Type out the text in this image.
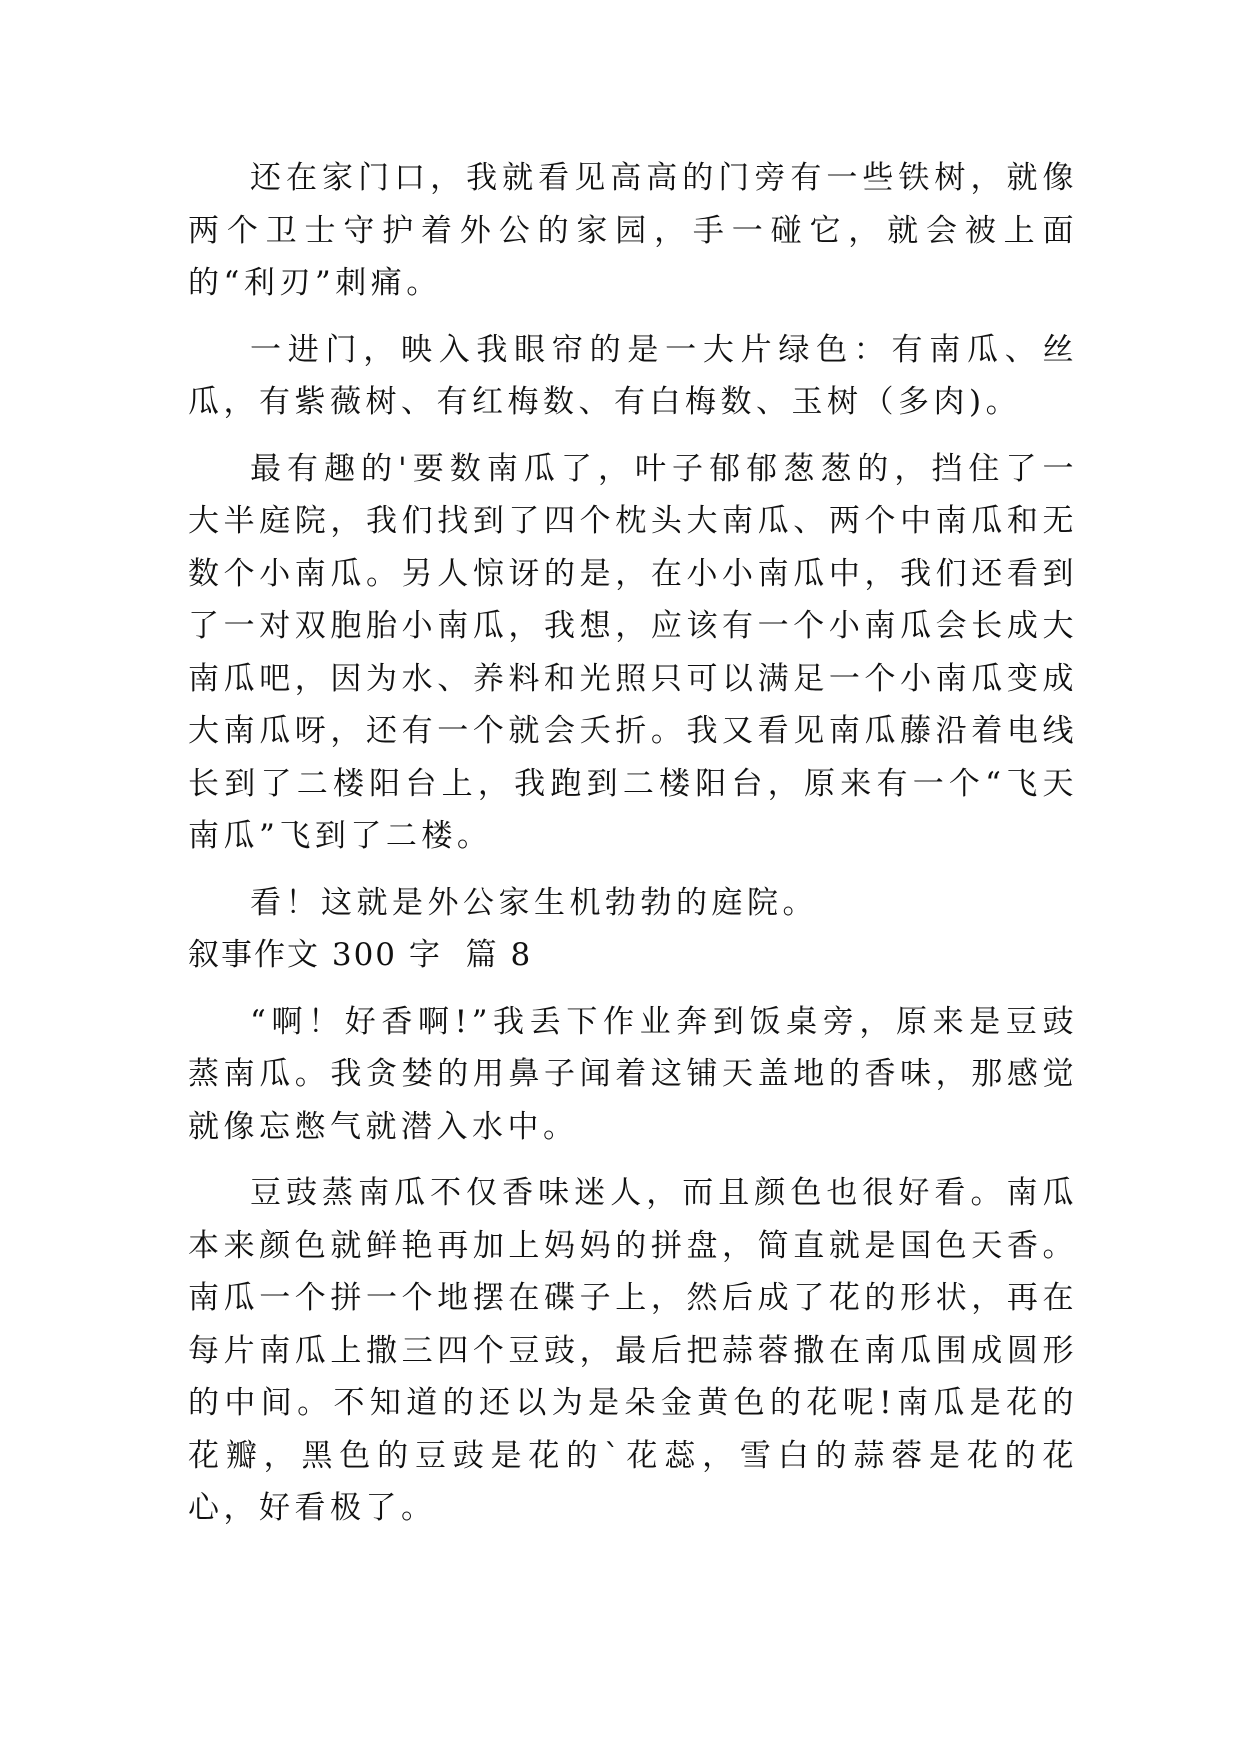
还在家门口，我就看见高高的门旁有一些铁树，就像两个卫士守护着外公的家园，手一碰它，就会被上面的“利刃”刺痛。

一进门，映入我眼帘的是一大片绿色：有南瓜、丝瓜，有紫薇树、有红梅数、有白梅数、玉树（多肉)。

最有趣的'要数南瓜了，叶子郁郁葱葱的，挡住了一大半庭院，我们找到了四个枕头大南瓜、两个中南瓜和无数个小南瓜。另人惊讶的是，在小小南瓜中，我们还看到了一对双胞胎小南瓜，我想，应该有一个小南瓜会长成大南瓜吧，因为水、养料和光照只可以满足一个小南瓜变成大南瓜呀，还有一个就会夭折。我又看见南瓜藤沿着电线长到了二楼阳台上，我跑到二楼阳台，原来有一个“飞天南瓜”飞到了二楼。

看！这就是外公家生机勃勃的庭院。

叙事作文 300 字  篇 8

“啊！好香啊!”我丢下作业奔到饭桌旁，原来是豆豉蒸南瓜。我贪婪的用鼻子闻着这铺天盖地的香味，那感觉就像忘憋气就潜入水中。

豆豉蒸南瓜不仅香味迷人，而且颜色也很好看。南瓜本来颜色就鲜艳再加上妈妈的拼盘，简直就是国色天香。南瓜一个拼一个地摆在碟子上，然后成了花的形状，再在每片南瓜上撒三四个豆豉，最后把蒜蓉撒在南瓜围成圆形的中间。不知道的还以为是朵金黄色的花呢!南瓜是花的花瓣，黑色的豆豉是花的`花蕊，雪白的蒜蓉是花的花心，好看极了。
